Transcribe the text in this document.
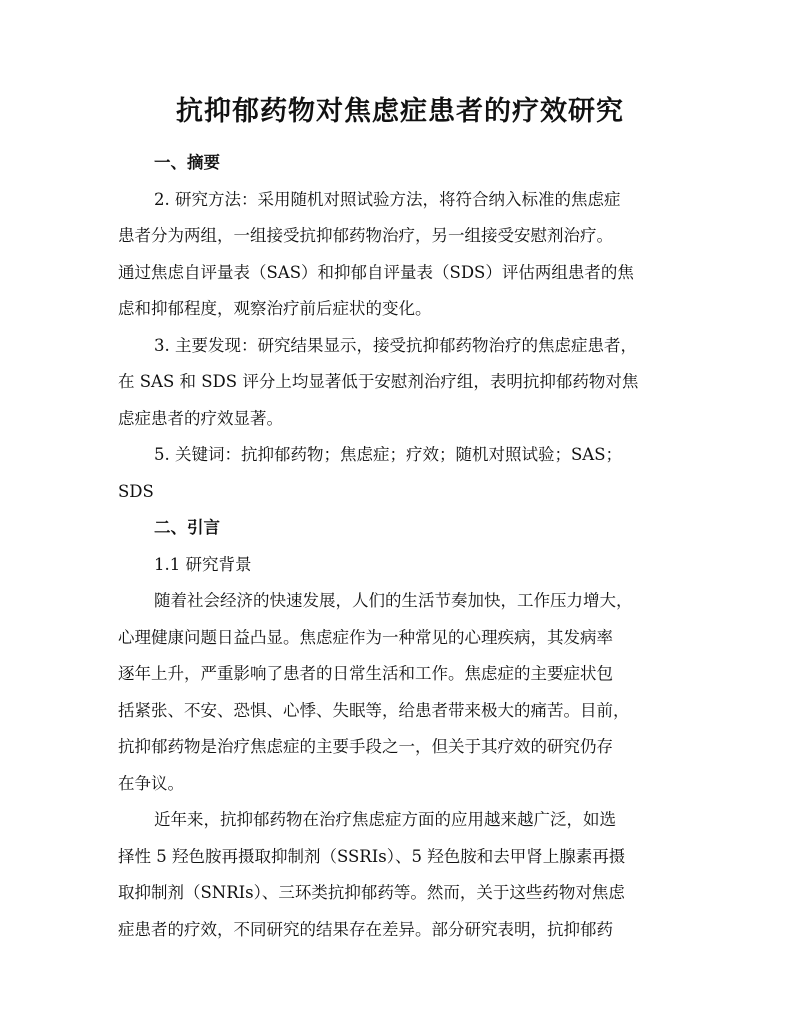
抗抑郁药物对焦虑症患者的疗效研究

一、摘要

2. 研究方法：采用随机对照试验方法，将符合纳入标准的焦虑症
患者分为两组，一组接受抗抑郁药物治疗，另一组接受安慰剂治疗。
通过焦虑自评量表（SAS）和抑郁自评量表（SDS）评估两组患者的焦
虑和抑郁程度，观察治疗前后症状的变化。

3. 主要发现：研究结果显示，接受抗抑郁药物治疗的焦虑症患者，
在 SAS 和 SDS 评分上均显著低于安慰剂治疗组，表明抗抑郁药物对焦
虑症患者的疗效显著。

5. 关键词：抗抑郁药物；焦虑症；疗效；随机对照试验；SAS；
SDS

二、引言

1.1 研究背景

随着社会经济的快速发展，人们的生活节奏加快，工作压力增大，
心理健康问题日益凸显。焦虑症作为一种常见的心理疾病，其发病率
逐年上升，严重影响了患者的日常生活和工作。焦虑症的主要症状包
括紧张、不安、恐惧、心悸、失眠等，给患者带来极大的痛苦。目前，
抗抑郁药物是治疗焦虑症的主要手段之一，但关于其疗效的研究仍存
在争议。

近年来，抗抑郁药物在治疗焦虑症方面的应用越来越广泛，如选
择性 5 羟色胺再摄取抑制剂（SSRIs）、5 羟色胺和去甲肾上腺素再摄
取抑制剂（SNRIs）、三环类抗抑郁药等。然而，关于这些药物对焦虑
症患者的疗效，不同研究的结果存在差异。部分研究表明，抗抑郁药
